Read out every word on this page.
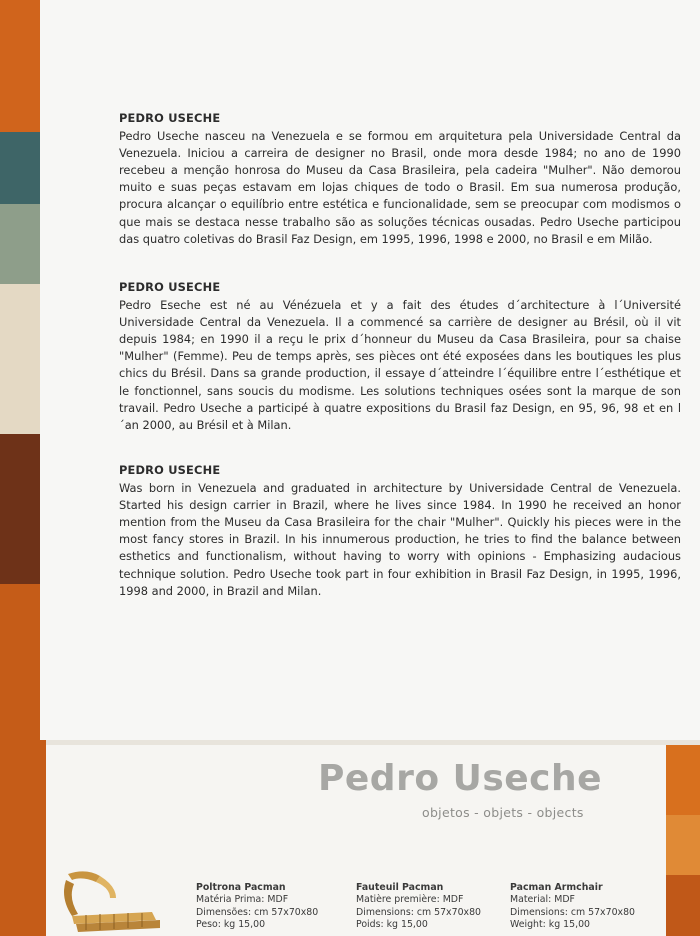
PEDRO USECHE

Pedro Useche nasceu na Venezuela e se formou em arquitetura pela Universidade Central da Venezuela. Iniciou a carreira de designer no Brasil, onde mora desde 1984; no ano de 1990 recebeu a menção honrosa do Museu da Casa Brasileira, pela cadeira "Mulher". Não demorou muito e suas peças estavam em lojas chiques de todo o Brasil. Em sua numerosa produção, procura alcançar o equilíbrio entre estética e funcionalidade, sem se preocupar com modismos o que mais se destaca nesse trabalho são as soluções técnicas ousadas. Pedro Useche participou das quatro coletivas do Brasil Faz Design, em 1995, 1996, 1998 e 2000, no Brasil e em Milão.

PEDRO USECHE

Pedro Eseche est né au Vénézuela et y a fait des études d´architecture à l´Université Universidade Central da Venezuela. Il a commencé sa carrière de designer au Brésil, où il vit depuis 1984; en 1990 il a reçu le prix d´honneur du Museu da Casa Brasileira, pour sa chaise "Mulher" (Femme). Peu de temps après, ses pièces ont été exposées dans les boutiques les plus chics du Brésil. Dans sa grande production, il essaye d´atteindre l´équilibre entre l´esthétique et le fonctionnel, sans soucis du modisme. Les solutions techniques osées sont la marque de son travail. Pedro Useche a participé à quatre expositions du Brasil faz Design, en 95, 96, 98 et en l´an 2000, au Brésil et à Milan.

PEDRO USECHE

Was born in Venezuela and graduated in architecture by Universidade Central de Venezuela. Started his design carrier in Brazil, where he lives since 1984. In 1990 he received an honor mention from the Museu da Casa Brasileira for the chair "Mulher". Quickly his pieces were in the most fancy stores in Brazil. In his innumerous production, he tries to find the balance between esthetics and functionalism, without having to worry with opinions - Emphasizing audacious technique solution. Pedro Useche took part in four exhibition in Brasil Faz Design, in 1995, 1996, 1998 and 2000, in Brazil and Milan.

Pedro Useche
objetos - objets - objects
Poltrona Pacman
Matéria Prima: MDF
Dimensões: cm 57x70x80
Peso: kg 15,00
Fauteuil Pacman
Matière première: MDF
Dimensions: cm 57x70x80
Poids: kg 15,00
Pacman Armchair
Material: MDF
Dimensions: cm 57x70x80
Weight: kg 15,00
